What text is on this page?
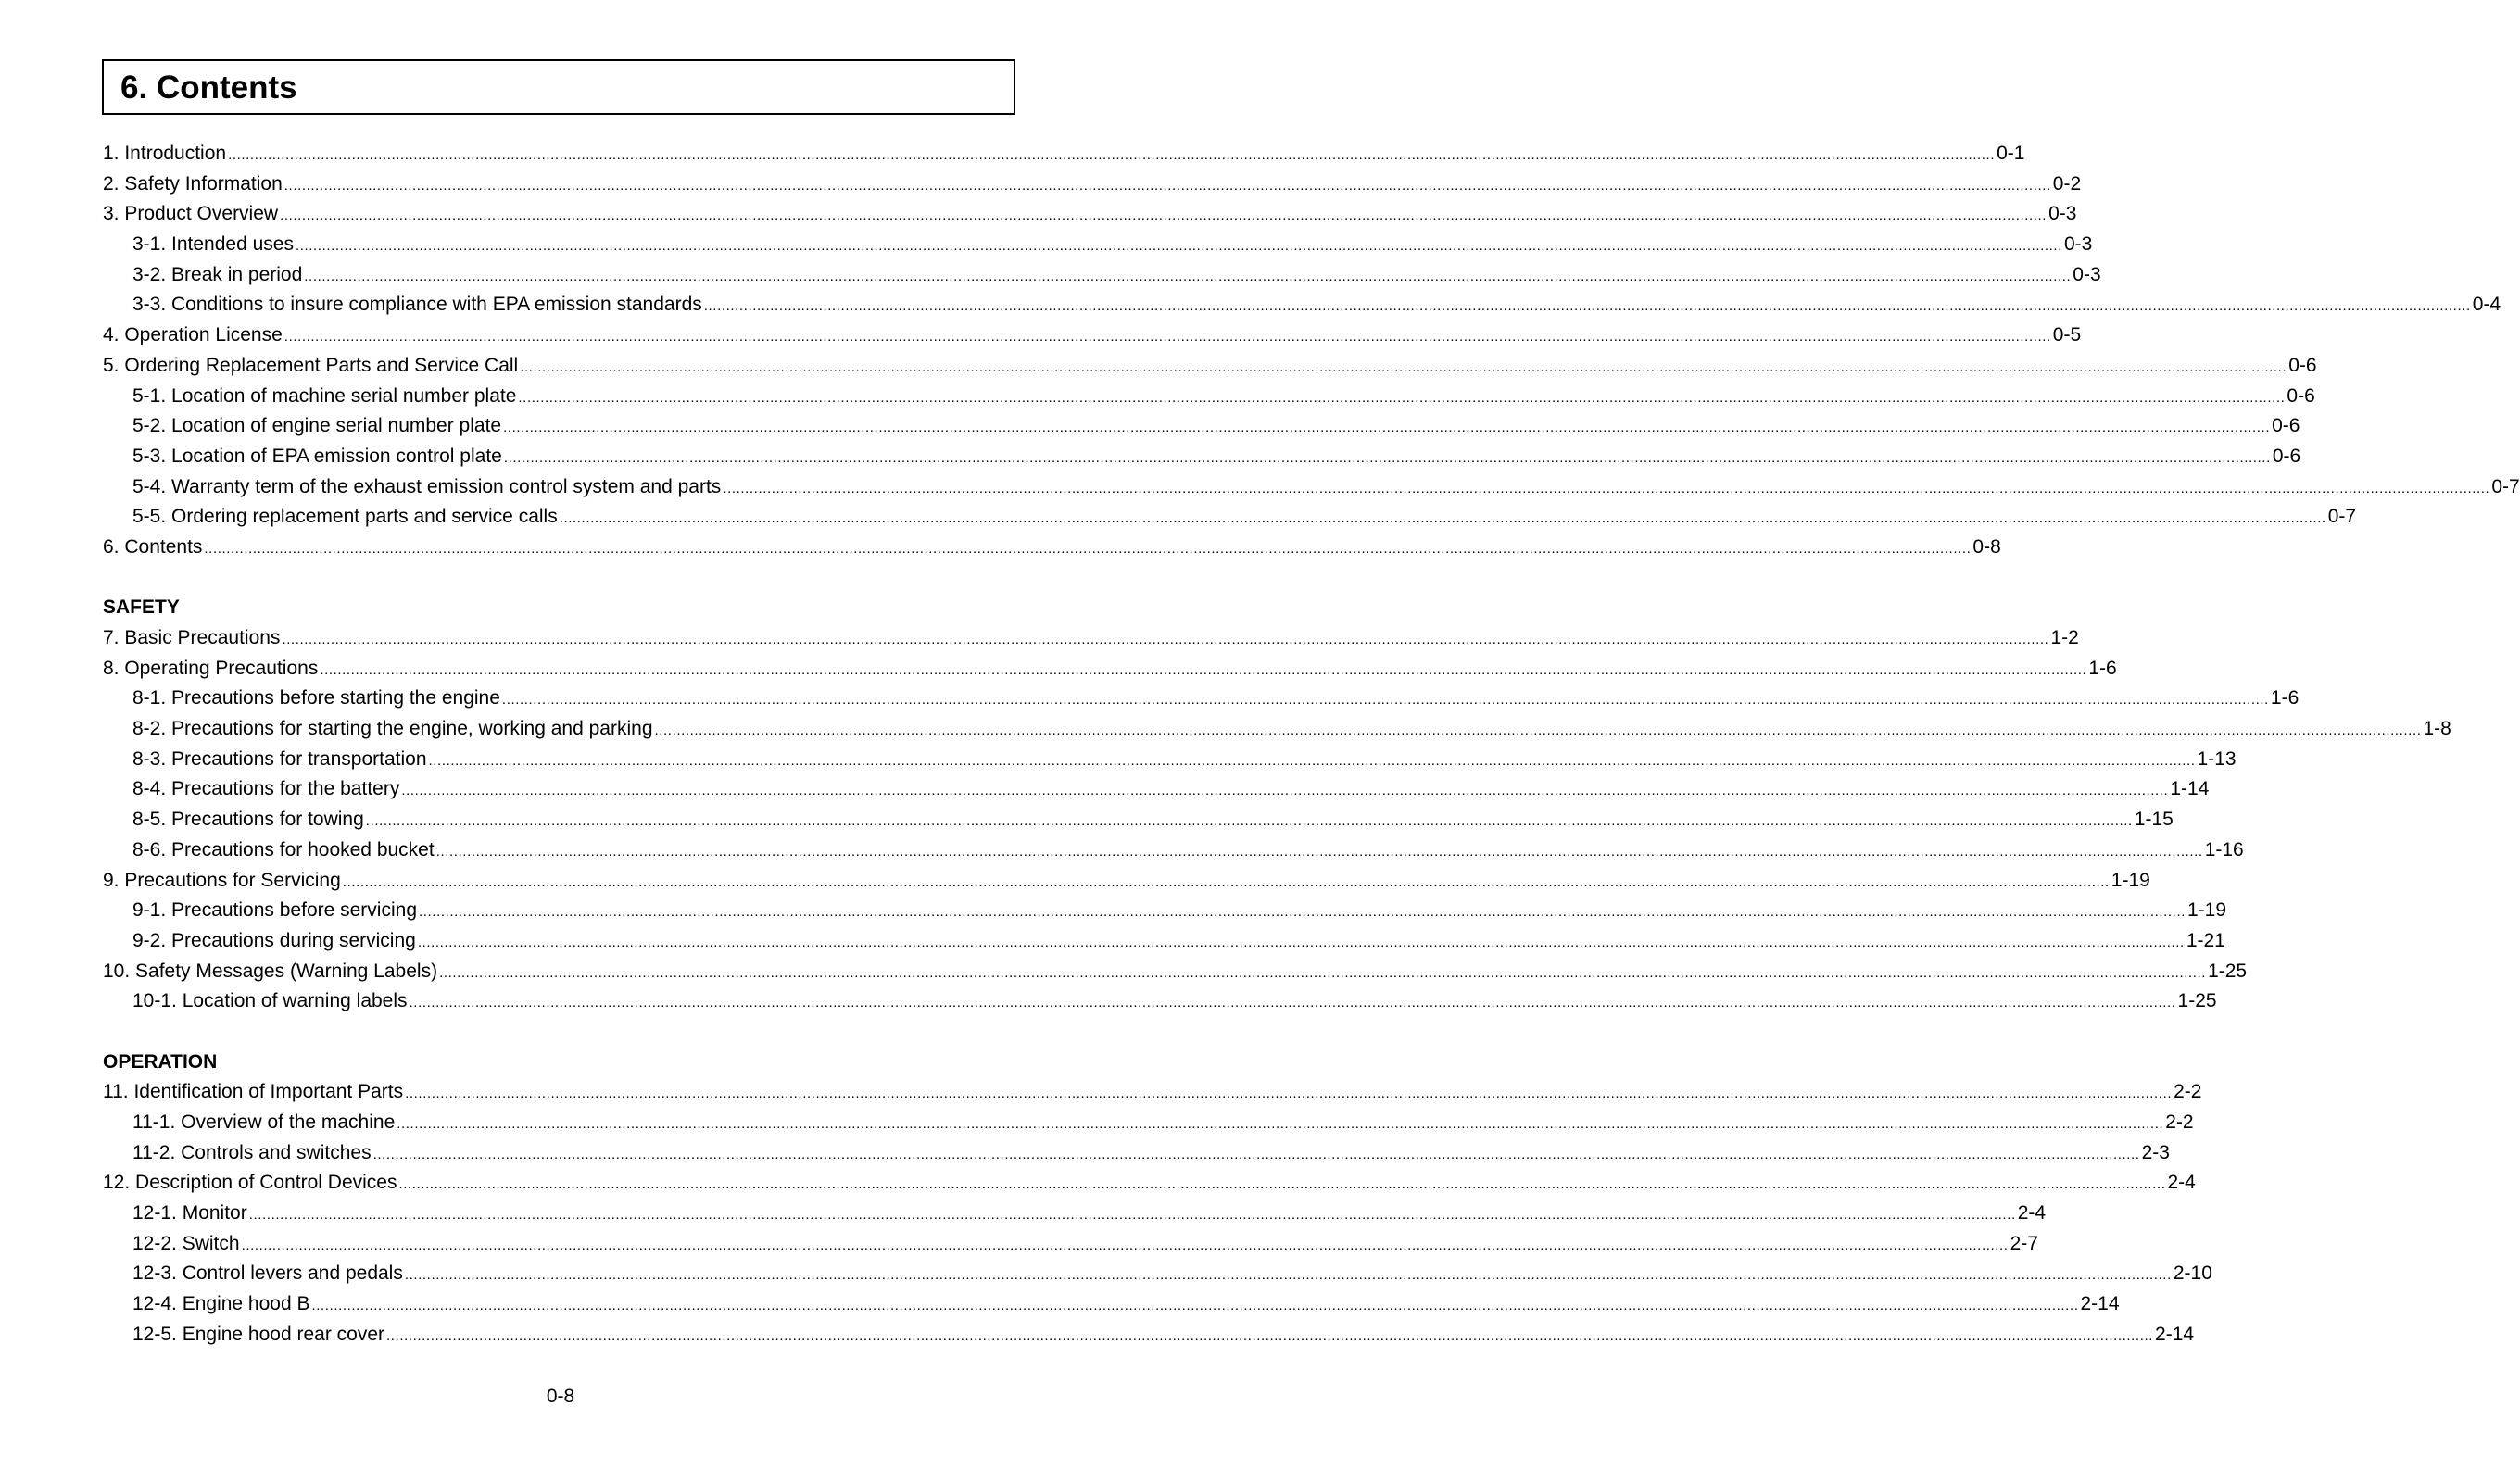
6. Contents
1. Introduction ................................................................................................................................................................................................................................................................................................................................................................................................................ 0-1
2. Safety Information ................................................................................................................................................................................................................................................................................................................................................................................................................ 0-2
3. Product Overview ................................................................................................................................................................................................................................................................................................................................................................................................................ 0-3
3-1. Intended uses ................................................................................................................................................................................................................................................................................................................................................................................................................ 0-3
3-2. Break in period ................................................................................................................................................................................................................................................................................................................................................................................................................ 0-3
3-3. Conditions to insure compliance with EPA emission standards ................................................................................................................................................................................................................................................................................................................................................................................................................ 0-4
4. Operation License ................................................................................................................................................................................................................................................................................................................................................................................................................ 0-5
5. Ordering Replacement Parts and Service Call ................................................................................................................................................................................................................................................................................................................................................................................................................ 0-6
5-1. Location of machine serial number plate ................................................................................................................................................................................................................................................................................................................................................................................................................ 0-6
5-2. Location of engine serial number plate ................................................................................................................................................................................................................................................................................................................................................................................................................ 0-6
5-3. Location of EPA emission control plate ................................................................................................................................................................................................................................................................................................................................................................................................................ 0-6
5-4. Warranty term of the exhaust emission control system and parts ................................................................................................................................................................................................................................................................................................................................................................................................................ 0-7
5-5. Ordering replacement parts and service calls ................................................................................................................................................................................................................................................................................................................................................................................................................ 0-7
6. Contents ................................................................................................................................................................................................................................................................................................................................................................................................................ 0-8
SAFETY
7. Basic Precautions ................................................................................................................................................................................................................................................................................................................................................................................................................ 1-2
8. Operating Precautions ................................................................................................................................................................................................................................................................................................................................................................................................................ 1-6
8-1. Precautions before starting the engine ................................................................................................................................................................................................................................................................................................................................................................................................................ 1-6
8-2. Precautions for starting the engine, working and parking ................................................................................................................................................................................................................................................................................................................................................................................................................ 1-8
8-3. Precautions for transportation ................................................................................................................................................................................................................................................................................................................................................................................................................ 1-13
8-4. Precautions for the battery ................................................................................................................................................................................................................................................................................................................................................................................................................ 1-14
8-5. Precautions for towing ................................................................................................................................................................................................................................................................................................................................................................................................................ 1-15
8-6. Precautions for hooked bucket ................................................................................................................................................................................................................................................................................................................................................................................................................ 1-16
9. Precautions for Servicing ................................................................................................................................................................................................................................................................................................................................................................................................................ 1-19
9-1. Precautions before servicing ................................................................................................................................................................................................................................................................................................................................................................................................................ 1-19
9-2. Precautions during servicing ................................................................................................................................................................................................................................................................................................................................................................................................................ 1-21
10. Safety Messages (Warning Labels) ................................................................................................................................................................................................................................................................................................................................................................................................................ 1-25
10-1. Location of warning labels ................................................................................................................................................................................................................................................................................................................................................................................................................ 1-25
OPERATION
11. Identification of Important Parts ................................................................................................................................................................................................................................................................................................................................................................................................................ 2-2
11-1. Overview of the machine ................................................................................................................................................................................................................................................................................................................................................................................................................ 2-2
11-2. Controls and switches ................................................................................................................................................................................................................................................................................................................................................................................................................ 2-3
12. Description of Control Devices ................................................................................................................................................................................................................................................................................................................................................................................................................ 2-4
12-1. Monitor ................................................................................................................................................................................................................................................................................................................................................................................................................ 2-4
12-2. Switch ................................................................................................................................................................................................................................................................................................................................................................................................................ 2-7
12-3. Control levers and pedals ................................................................................................................................................................................................................................................................................................................................................................................................................ 2-10
12-4. Engine hood B ................................................................................................................................................................................................................................................................................................................................................................................................................ 2-14
12-5. Engine hood rear cover ................................................................................................................................................................................................................................................................................................................................................................................................................ 2-14
0-8
